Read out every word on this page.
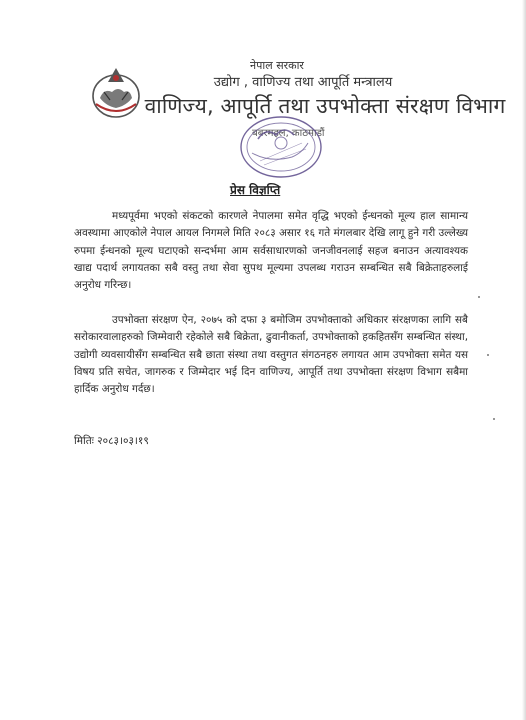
नेपाल सरकार
उद्योग , वाणिज्य तथा आपूर्ति मन्त्रालय
वाणिज्य, आपूर्ति तथा उपभोक्ता संरक्षण विभाग
बबरमहल, काठमाडौं
प्रेस विज्ञप्ति
मध्यपूर्वमा भएको संकटको कारणले नेपालमा समेत वृद्धि भएको ईन्धनको मूल्य हाल सामान्य अवस्थामा आएकोले नेपाल आयल निगमले मिति २०८३ असार १६ गते मंगलबार देखि लागू हुने गरी उल्लेख्य रुपमा ईन्धनको मूल्य घटाएको सन्दर्भमा आम सर्वसाधारणको जनजीवनलाई सहज बनाउन अत्यावश्यक खाद्य पदार्थ लगायतका सबै वस्तु तथा सेवा सुपथ मूल्यमा उपलब्ध गराउन सम्बन्धित सबै बिक्रेताहरुलाई अनुरोध गरिन्छ।
उपभोक्ता संरक्षण ऐन, २०७५ को दफा ३ बमोजिम उपभोक्ताको अधिकार संरक्षणका लागि सबै सरोकारवालाहरुको जिम्मेवारी रहेकोले सबै बिक्रेता, ढुवानीकर्ता, उपभोक्ताको हकहितसँग सम्बन्धित संस्था, उद्योगी व्यवसायीसँग सम्बन्धित सबै छाता संस्था तथा वस्तुगत संगठनहरु लगायत आम उपभोक्ता समेत यस विषय प्रति सचेत, जागरुक र जिम्मेदार भई दिन वाणिज्य, आपूर्ति तथा उपभोक्ता संरक्षण विभाग सबैमा हार्दिक अनुरोध गर्दछ।
मितिः २०८३।०३।१९
